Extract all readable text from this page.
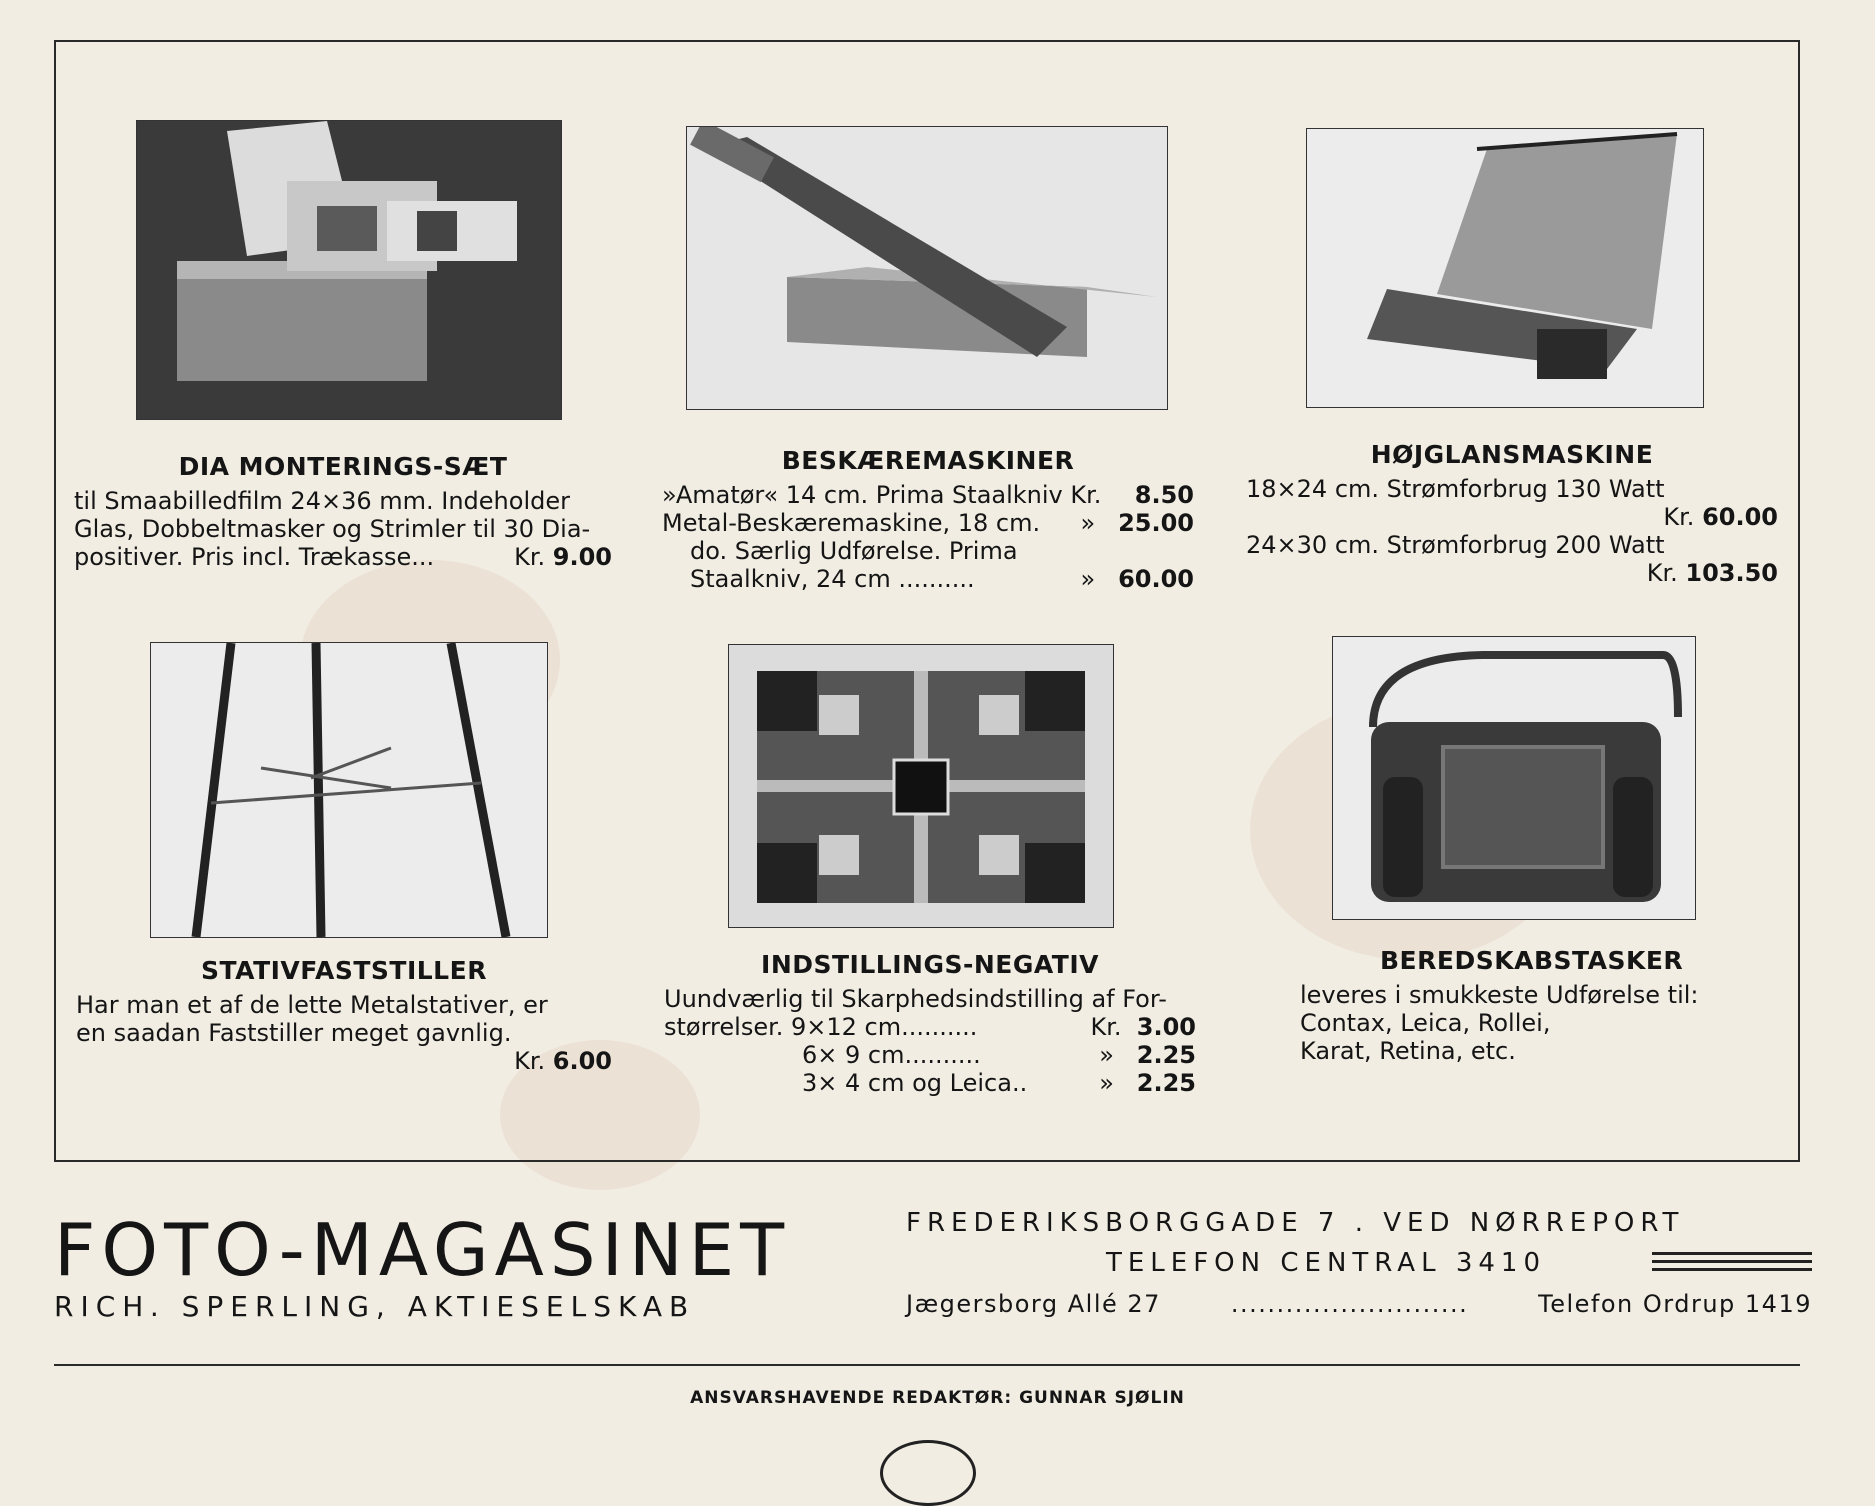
DIA MONTERINGS-SÆT
til Smaabilledfilm 24×36 mm. Indeholder
Glas, Dobbeltmasker og Strimler til 30 Dia-
positiver. Pris incl. Trækasse...	Kr. 9.00
BESKÆREMASKINER
»Amatør« 14 cm. Prima Staalkniv Kr. 8.50
Metal-Beskæremaskine, 18 cm. » 25.00
do. Særlig Udførelse. Prima
Staalkniv, 24 cm ..........	» 60.00
HØJGLANSMASKINE
18×24 cm. Strømforbrug 130 Watt
Kr. 60.00
24×30 cm. Strømforbrug 200 Watt
Kr. 103.50
STATIVFASTSTILLER
Har man et af de lette Metalstativer, er
en saadan Faststiller meget gavnlig.
Kr. 6.00
INDSTILLINGS-NEGATIV
Uundværlig til Skarphedsindstilling af For-
størrelser. 9×12 cm..........	Kr. 3.00
6× 9 cm..........	» 2.25
3× 4 cm og Leica..	» 2.25
BEREDSKABSTASKER
leveres i smukkeste Udførelse til:
Contax, Leica, Rollei,
Karat, Retina, etc.
FOTO-MAGASINET
RICH. SPERLING, AKTIESELSKAB
FREDERIKSBORGGADE 7 . VED NØRREPORT
TELEFON CENTRAL 3410
Jægersborg Allé 27	..........................	Telefon Ordrup 1419
ANSVARSHAVENDE REDAKTØR: GUNNAR SJØLIN
